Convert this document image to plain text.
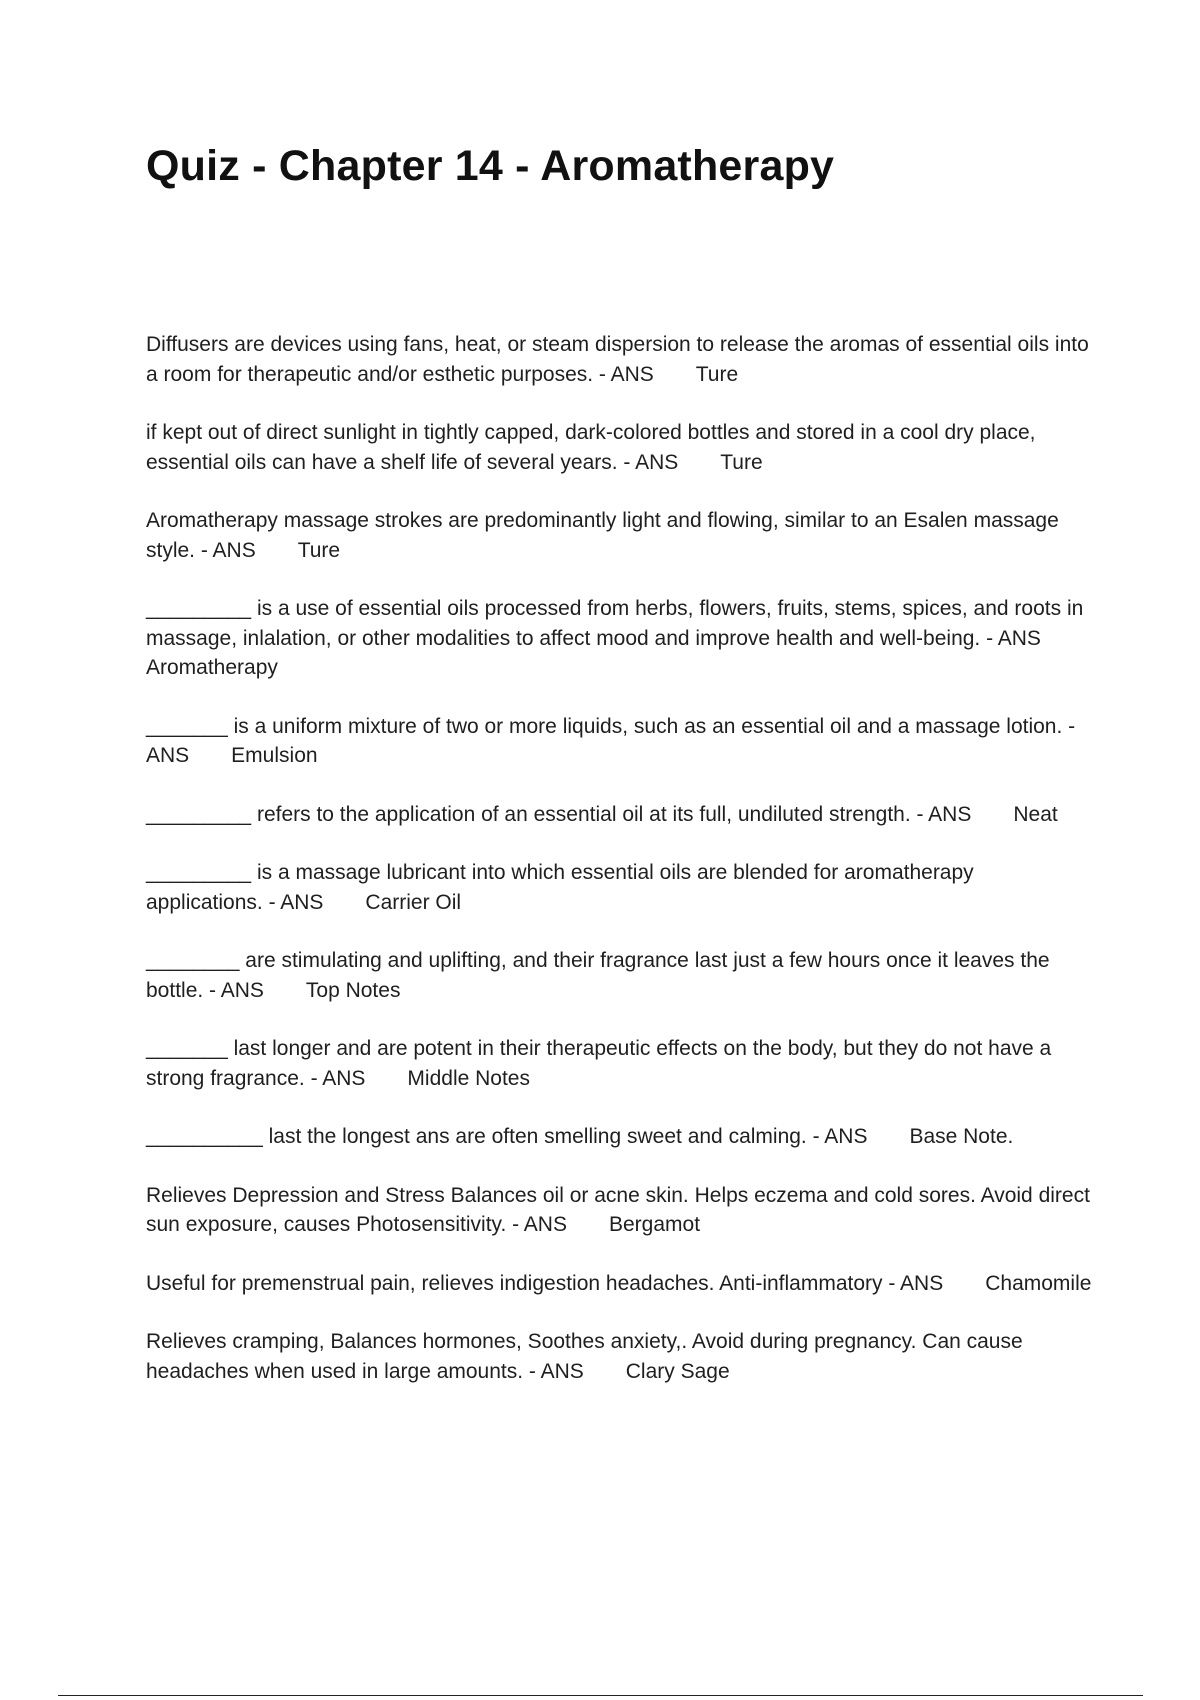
Quiz - Chapter 14 - Aromatherapy

Diffusers are devices using fans, heat, or steam dispersion to release the aromas of essential oils into a room for therapeutic and/or esthetic purposes. - ANS  Ture

if kept out of direct sunlight in tightly capped, dark-colored bottles and stored in a cool dry place, essential oils can have a shelf life of several years. - ANS  Ture

Aromatherapy massage strokes are predominantly light and flowing, similar to an Esalen massage style. - ANS  Ture

_________ is a use of essential oils processed from herbs, flowers, fruits, stems, spices, and roots in massage, inlalation, or other modalities to affect mood and improve health and well-being. - ANS  Aromatherapy

_______ is a uniform mixture of two or more liquids, such as an essential oil and a massage lotion. - ANS  Emulsion

_________ refers to the application of an essential oil at its full, undiluted strength. - ANS  Neat

_________ is a massage lubricant into which essential oils are blended for aromatherapy applications. - ANS  Carrier Oil

________ are stimulating and uplifting, and their fragrance last just a few hours once it leaves the bottle. - ANS  Top Notes

_______ last longer and are potent in their therapeutic effects on the body, but they do not have a strong fragrance. - ANS  Middle Notes

__________ last the longest ans are often smelling sweet and calming. - ANS  Base Note.

Relieves Depression and Stress Balances oil or acne skin. Helps eczema and cold sores. Avoid direct sun exposure, causes Photosensitivity. - ANS  Bergamot

Useful for premenstrual pain, relieves indigestion headaches. Anti-inflammatory - ANS  Chamomile

Relieves cramping, Balances hormones, Soothes anxiety,. Avoid during pregnancy. Can cause headaches when used in large amounts. - ANS  Clary Sage
